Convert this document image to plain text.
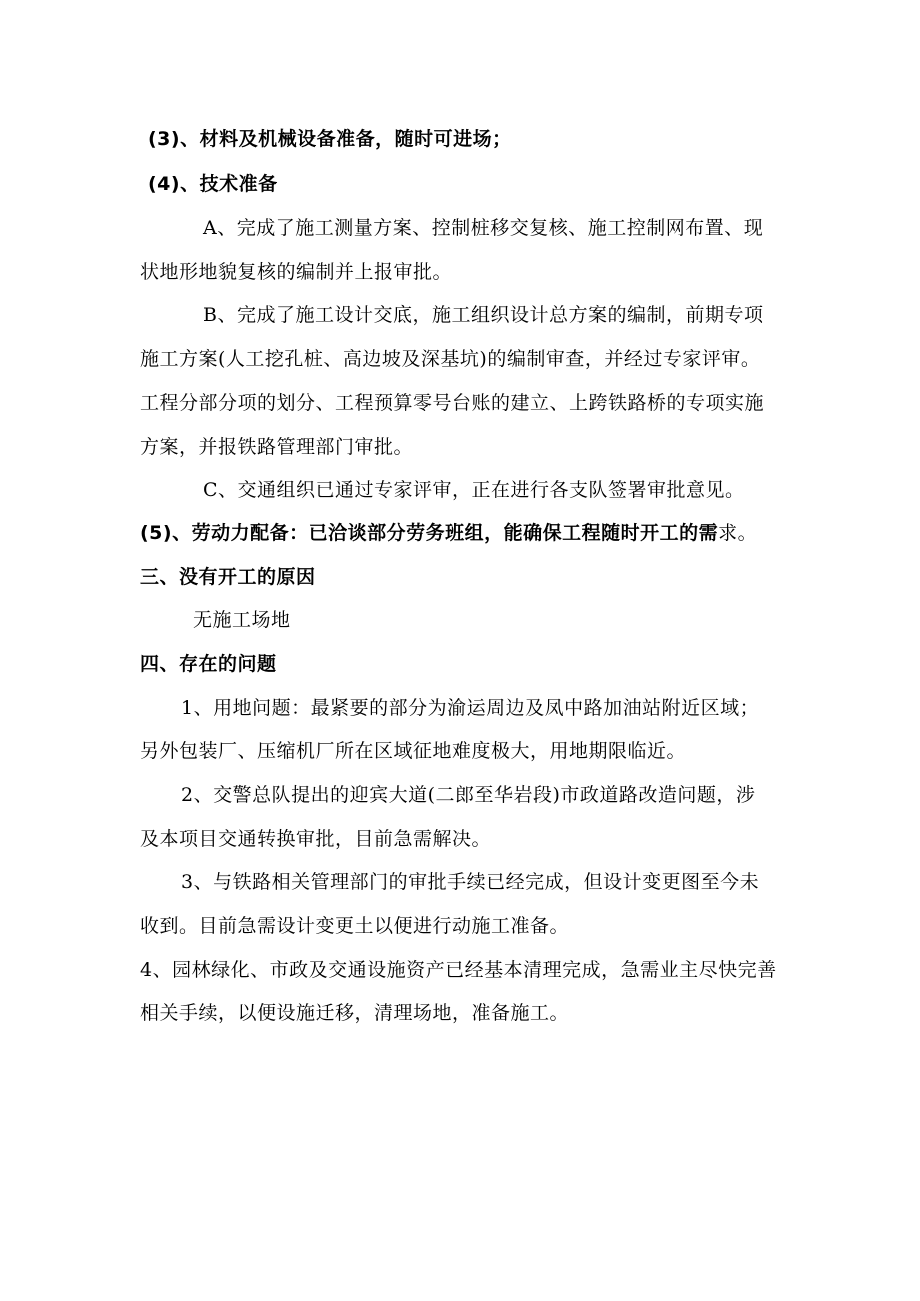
(3)、材料及机械设备准备，随时可进场；
(4)、技术准备
A、完成了施工测量方案、控制桩移交复核、施工控制网布置、现
状地形地貌复核的编制并上报审批。
B、完成了施工设计交底，施工组织设计总方案的编制，前期专项
施工方案(人工挖孔桩、高边坡及深基坑)的编制审查，并经过专家评审。
工程分部分项的划分、工程预算零号台账的建立、上跨铁路桥的专项实施
方案，并报铁路管理部门审批。
C、交通组织已通过专家评审，正在进行各支队签署审批意见。
(5)、劳动力配备：已洽谈部分劳务班组，能确保工程随时开工的需求。
三、没有开工的原因
无施工场地
四、存在的问题
1、用地问题：最紧要的部分为渝运周边及凤中路加油站附近区域；
另外包装厂、压缩机厂所在区域征地难度极大，用地期限临近。
2、交警总队提出的迎宾大道(二郎至华岩段)市政道路改造问题，涉
及本项目交通转换审批，目前急需解决。
3、与铁路相关管理部门的审批手续已经完成，但设计变更图至今未
收到。目前急需设计变更土以便进行动施工准备。
4、园林绿化、市政及交通设施资产已经基本清理完成，急需业主尽快完善
相关手续，以便设施迁移，清理场地，准备施工。
